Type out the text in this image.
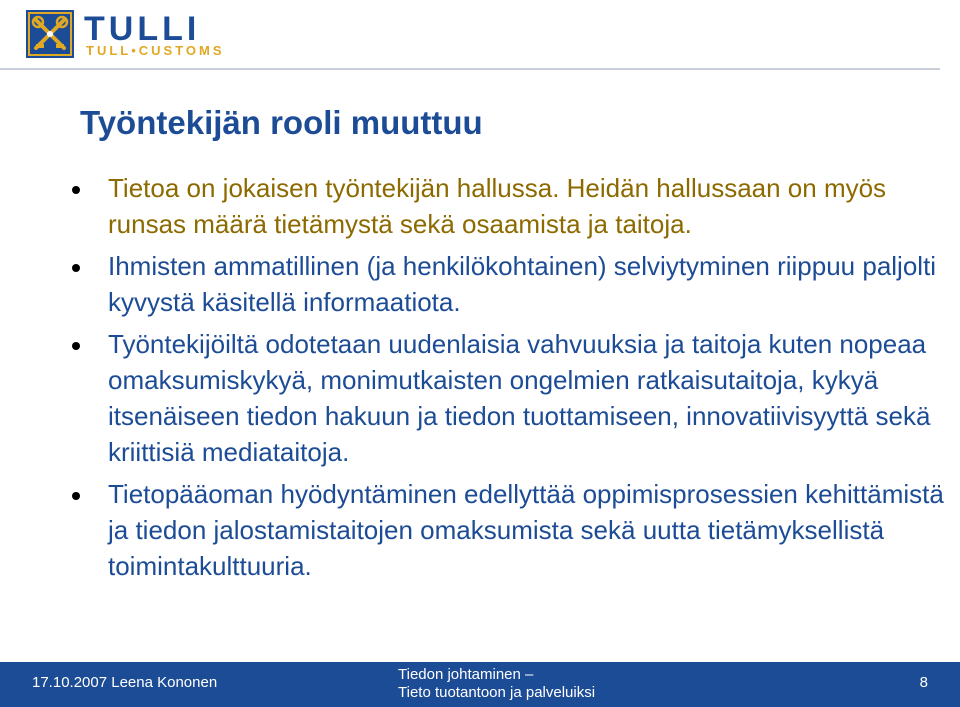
TULLI
TULL•CUSTOMS
Työntekijän rooli muuttuu
Tietoa on jokaisen työntekijän hallussa. Heidän hallussaan on myös runsas määrä tietämystä sekä osaamista ja taitoja.
Ihmisten ammatillinen (ja henkilökohtainen) selviytyminen riippuu paljolti kyvystä käsitellä informaatiota.
Työntekijöiltä odotetaan uudenlaisia vahvuuksia ja taitoja kuten nopeaa omaksumiskykyä, monimutkaisten ongelmien ratkaisutaitoja, kykyä itsenäiseen tiedon hakuun ja tiedon tuottamiseen, innovatiivisyyttä sekä kriittisiä mediataitoja.
Tietopääoman hyödyntäminen edellyttää oppimisprosessien kehittämistä ja tiedon jalostamistaitojen omaksumista sekä uutta tietämyksellistä toimintakulttuuria.
17.10.2007 Leena Kononen	Tiedon johtaminen –
Tieto tuotantoon ja palveluiksi
8
